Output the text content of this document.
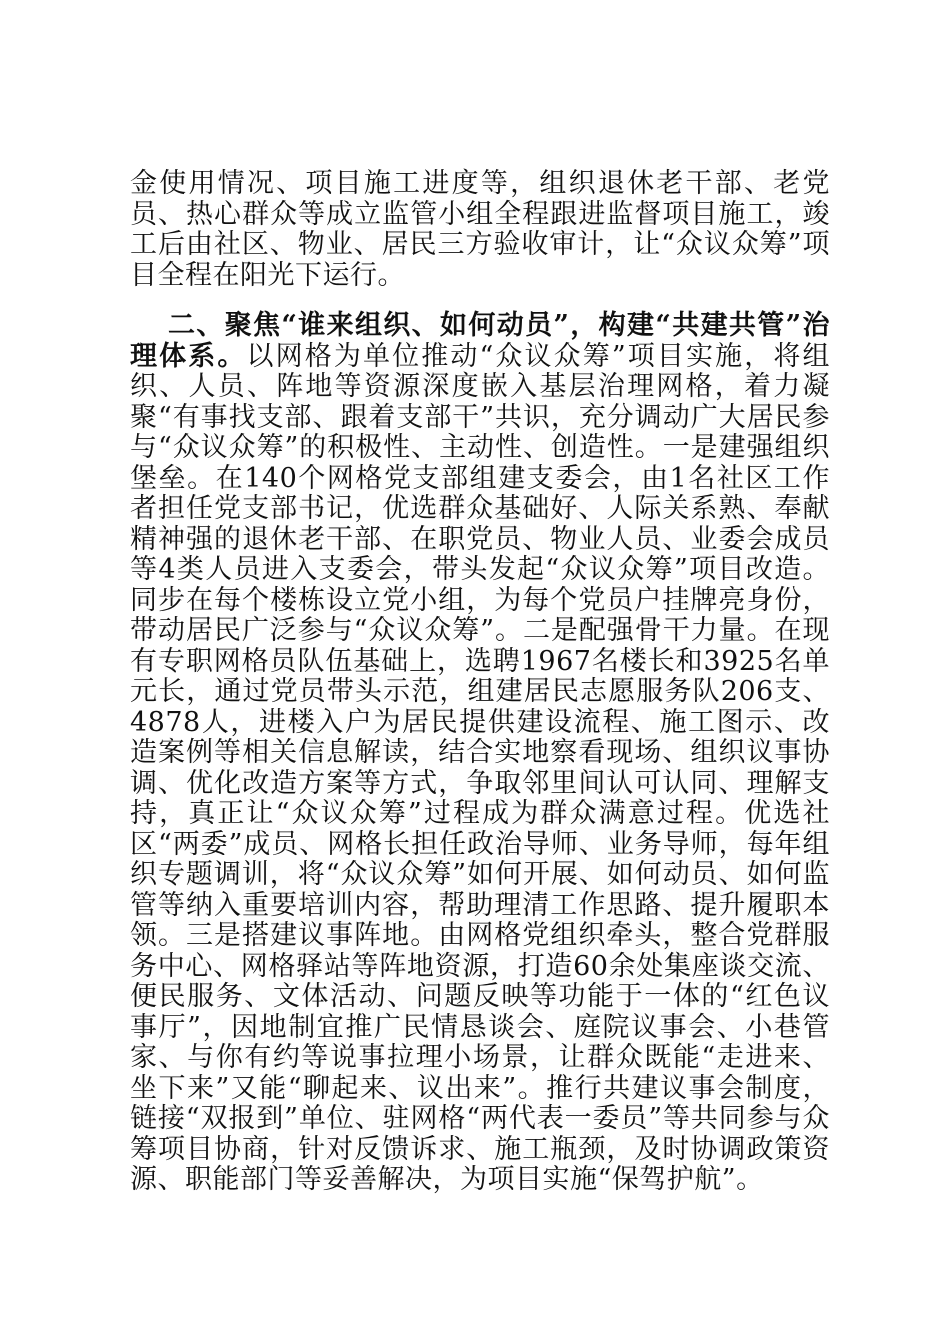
金使用情况、项目施工进度等，组织退休老干部、老党员、热心群众等成立监管小组全程跟进监督项目施工，竣工后由社区、物业、居民三方验收审计，让“众议众筹”项目全程在阳光下运行。

二、聚焦“谁来组织、如何动员”，构建“共建共管”治理体系。以网格为单位推动“众议众筹”项目实施，将组织、人员、阵地等资源深度嵌入基层治理网格，着力凝聚“有事找支部、跟着支部干”共识，充分调动广大居民参与“众议众筹”的积极性、主动性、创造性。一是建强组织堡垒。在140个网格党支部组建支委会，由1名社区工作者担任党支部书记，优选群众基础好、人际关系熟、奉献精神强的退休老干部、在职党员、物业人员、业委会成员等4类人员进入支委会，带头发起“众议众筹”项目改造。同步在每个楼栋设立党小组，为每个党员户挂牌亮身份，带动居民广泛参与“众议众筹”。二是配强骨干力量。在现有专职网格员队伍基础上，选聘1967名楼长和3925名单元长，通过党员带头示范，组建居民志愿服务队206支、4878人，进楼入户为居民提供建设流程、施工图示、改造案例等相关信息解读，结合实地察看现场、组织议事协调、优化改造方案等方式，争取邻里间认可认同、理解支持，真正让“众议众筹”过程成为群众满意过程。优选社区“两委”成员、网格长担任政治导师、业务导师，每年组织专题调训，将“众议众筹”如何开展、如何动员、如何监管等纳入重要培训内容，帮助理清工作思路、提升履职本领。三是搭建议事阵地。由网格党组织牵头，整合党群服务中心、网格驿站等阵地资源，打造60余处集座谈交流、便民服务、文体活动、问题反映等功能于一体的“红色议事厅”，因地制宜推广民情恳谈会、庭院议事会、小巷管家、与你有约等说事拉理小场景，让群众既能“走进来、坐下来”又能“聊起来、议出来”。推行共建议事会制度，链接“双报到”单位、驻网格“两代表一委员”等共同参与众筹项目协商，针对反馈诉求、施工瓶颈，及时协调政策资源、职能部门等妥善解决，为项目实施“保驾护航”。
